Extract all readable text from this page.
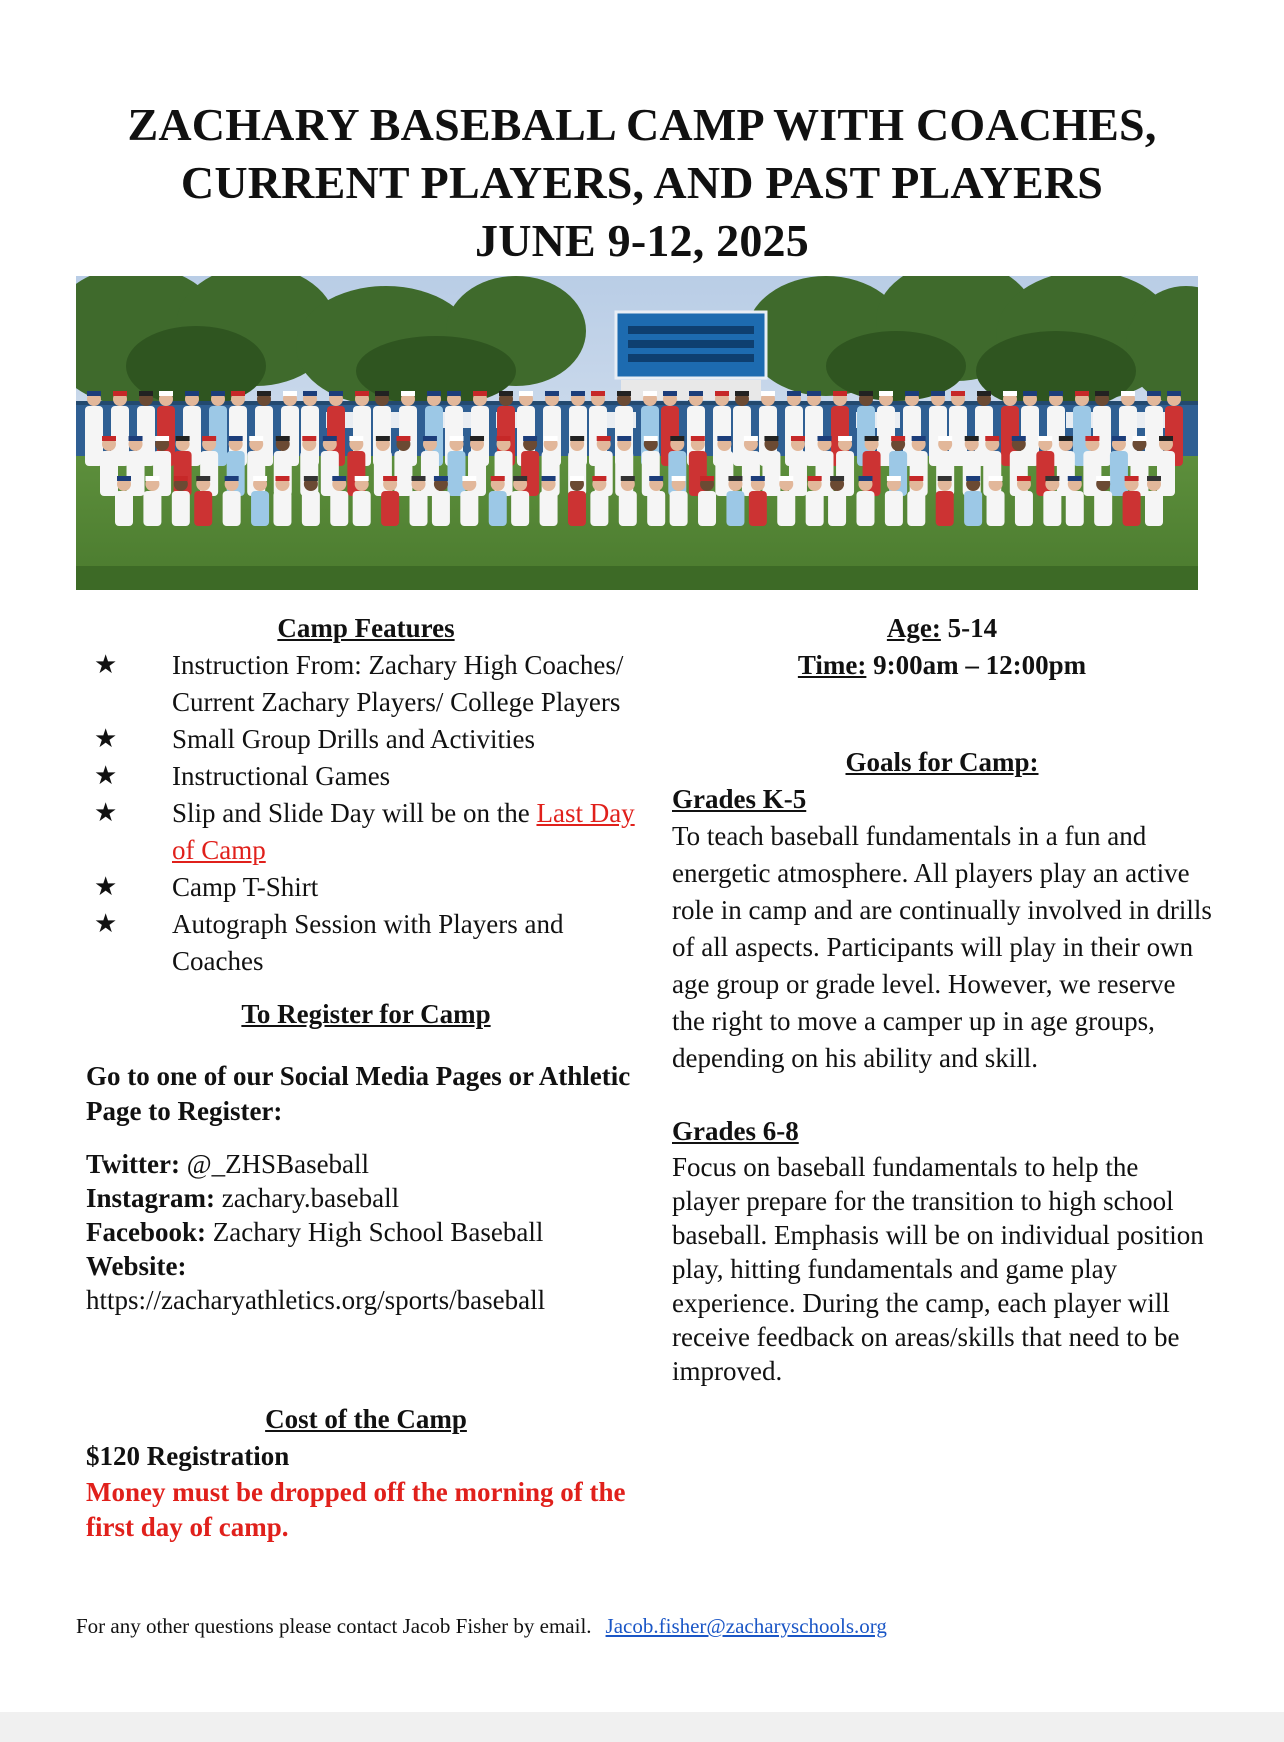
ZACHARY BASEBALL CAMP WITH COACHES,
CURRENT PLAYERS, AND PAST PLAYERS
JUNE 9-12, 2025
Camp Features
★	Instruction From: Zachary High Coaches/ Current Zachary Players/ College Players
★	Small Group Drills and Activities
★	Instructional Games
★	Slip and Slide Day will be on the Last Day of Camp
★	Camp T-Shirt
★	Autograph Session with Players and Coaches
To Register for Camp
Go to one of our Social Media Pages or Athletic Page to Register:
Twitter: @_ZHSBaseball
Instagram: zachary.baseball
Facebook: Zachary High School Baseball
Website:
https://zacharyathletics.org/sports/baseball
Cost of the Camp
$120 Registration
Money must be dropped off the morning of the first day of camp.
Age: 5-14
Time: 9:00am – 12:00pm
Goals for Camp:
Grades K-5
To teach baseball fundamentals in a fun and energetic atmosphere. All players play an active role in camp and are continually involved in drills of all aspects. Participants will play in their own age group or grade level. However, we reserve the right to move a camper up in age groups, depending on his ability and skill.
Grades 6-8
Focus on baseball fundamentals to help the player prepare for the transition to high school baseball. Emphasis will be on individual position play, hitting fundamentals and game play experience. During the camp, each player will receive feedback on areas/skills that need to be improved.
For any other questions please contact Jacob Fisher by email. Jacob.fisher@zacharyschools.org
